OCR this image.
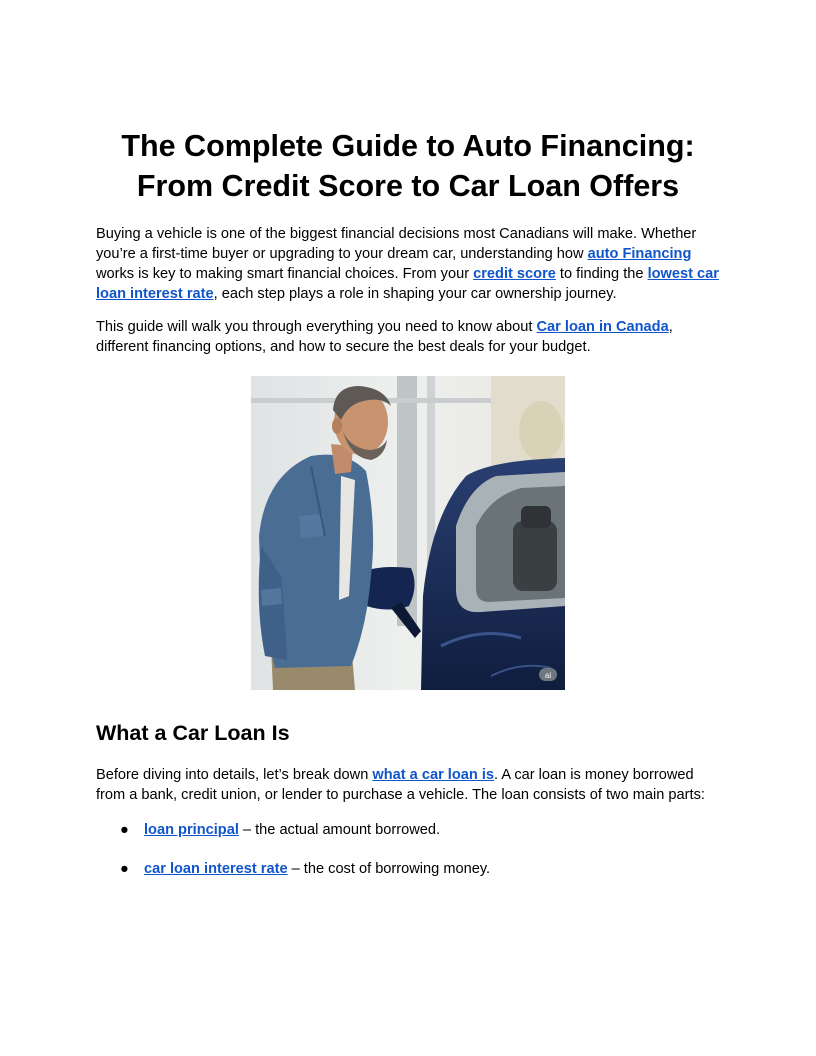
The Complete Guide to Auto Financing:
From Credit Score to Car Loan Offers

Buying a vehicle is one of the biggest financial decisions most Canadians will make. Whether you’re a first-time buyer or upgrading to your dream car, understanding how auto Financing works is key to making smart financial choices. From your credit score to finding the lowest car loan interest rate, each step plays a role in shaping your car ownership journey.

This guide will walk you through everything you need to know about Car loan in Canada, different financing options, and how to secure the best deals for your budget.

ai
What a Car Loan Is

Before diving into details, let’s break down what a car loan is. A car loan is money borrowed from a bank, credit union, or lender to purchase a vehicle. The loan consists of two main parts:

● loan principal – the actual amount borrowed.
● car loan interest rate – the cost of borrowing money.
